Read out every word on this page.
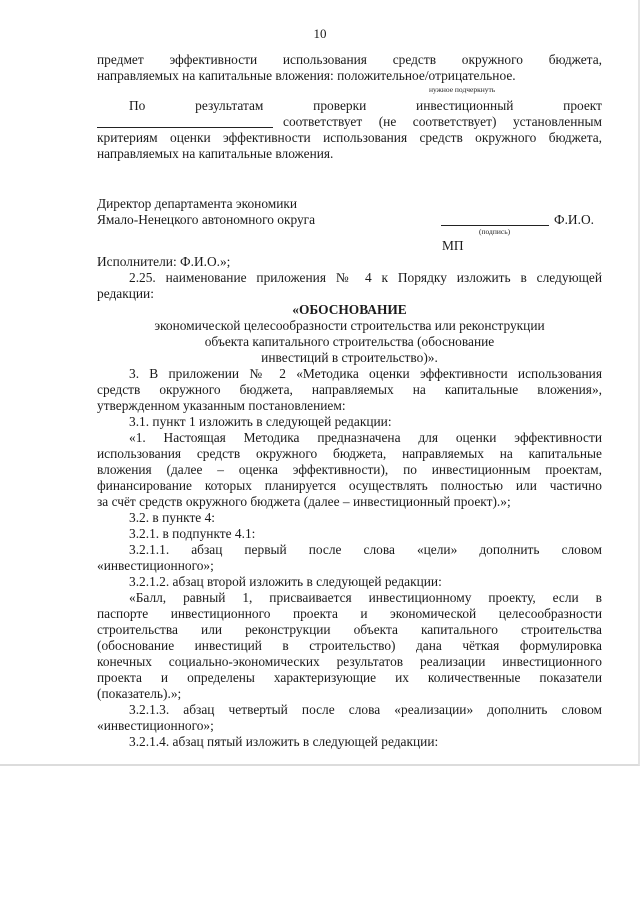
10
предмет эффективности использования средств окружного бюджета,
направляемых на капитальные вложения: положительное/отрицательное.
нужное подчеркнуть
По результатам проверки инвестиционный проект
соответствует (не соответствует) установленным
критериям оценки эффективности использования средств окружного бюджета,
направляемых на капитальные вложения.
Директор департамента экономики
Ямало-Ненецкого автономного округа	Ф.И.О.
(подпись)
МП
Исполнители: Ф.И.О.»;
2.25. наименование приложения № 4 к Порядку изложить в следующей
редакции:
«ОБОСНОВАНИЕ
экономической целесообразности строительства или реконструкции
объекта капитального строительства (обоснование
инвестиций в строительство)».
3. В приложении № 2 «Методика оценки эффективности использования
средств окружного бюджета, направляемых на капитальные вложения»,
утвержденном указанным постановлением:
3.1. пункт 1 изложить в следующей редакции:
«1. Настоящая Методика предназначена для оценки эффективности
использования средств окружного бюджета, направляемых на капитальные
вложения (далее – оценка эффективности), по инвестиционным проектам,
финансирование которых планируется осуществлять полностью или частично
за счёт средств окружного бюджета (далее – инвестиционный проект).»;
3.2. в пункте 4:
3.2.1. в подпункте 4.1:
3.2.1.1. абзац первый после слова «цели» дополнить словом
«инвестиционного»;
3.2.1.2. абзац второй изложить в следующей редакции:
«Балл, равный 1, присваивается инвестиционному проекту, если в
паспорте инвестиционного проекта и экономической целесообразности
строительства или реконструкции объекта капитального строительства
(обоснование инвестиций в строительство) дана чёткая формулировка
конечных социально-экономических результатов реализации инвестиционного
проекта и определены характеризующие их количественные показатели
(показатель).»;
3.2.1.3. абзац четвертый после слова «реализации» дополнить словом
«инвестиционного»;
3.2.1.4. абзац пятый изложить в следующей редакции:
